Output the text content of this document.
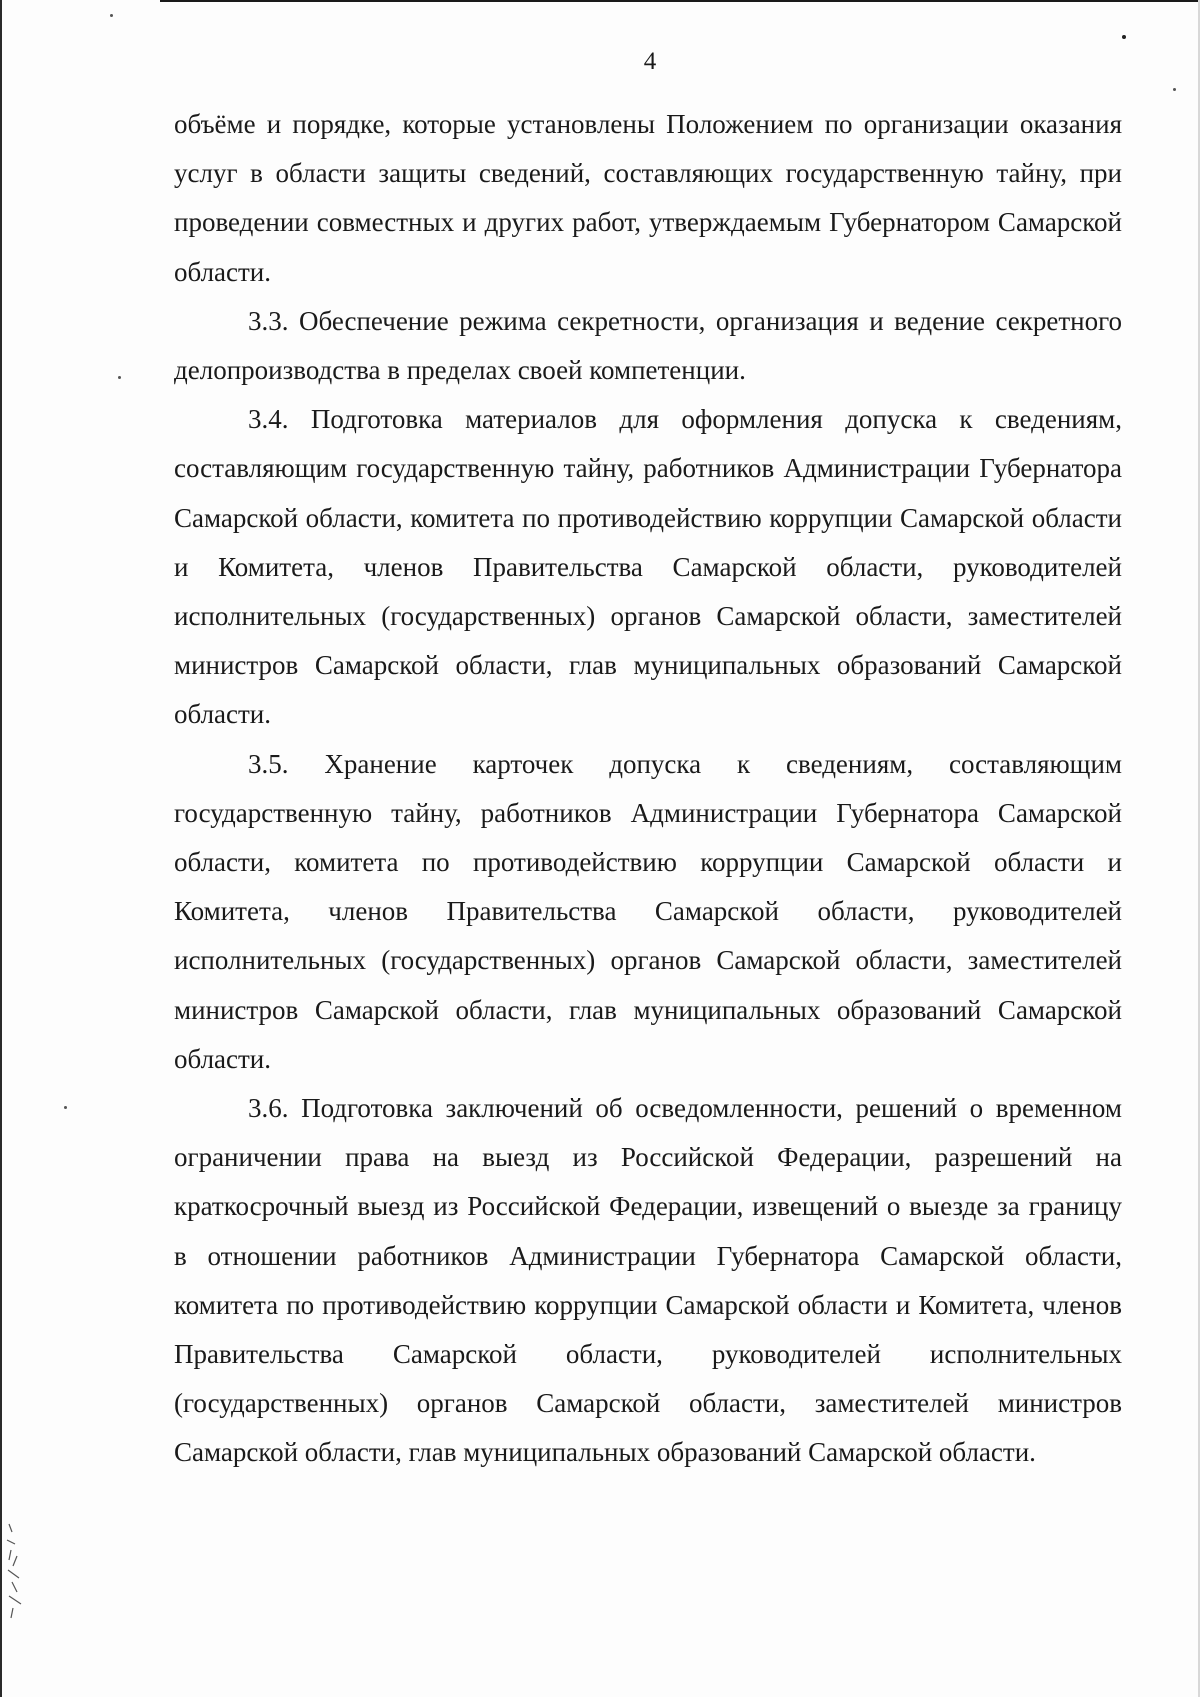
4

объёме и порядке, которые установлены Положением по организации оказания услуг в области защиты сведений, составляющих государственную тайну, при проведении совместных и других работ, утверждаемым Губернатором Самарской области.

3.3. Обеспечение режима секретности, организация и ведение секретного делопроизводства в пределах своей компетенции.

3.4. Подготовка материалов для оформления допуска к сведениям, составляющим государственную тайну, работников Администрации Губернатора Самарской области, комитета по противодействию коррупции Самарской области и Комитета, членов Правительства Самарской области, руководителей исполнительных (государственных) органов Самарской области, заместителей министров Самарской области, глав муниципальных образований Самарской области.

3.5. Хранение карточек допуска к сведениям, составляющим государственную тайну, работников Администрации Губернатора Самарской области, комитета по противодействию коррупции Самарской области и Комитета, членов Правительства Самарской области, руководителей исполнительных (государственных) органов Самарской области, заместителей министров Самарской области, глав муниципальных образований Самарской области.

3.6. Подготовка заключений об осведомленности, решений о временном ограничении права на выезд из Российской Федерации, разрешений на краткосрочный выезд из Российской Федерации, извещений о выезде за границу в отношении работников Администрации Губернатора Самарской области, комитета по противодействию коррупции Самарской области и Комитета, членов Правительства Самарской области, руководителей исполнительных (государственных) органов Самарской области, заместителей министров Самарской области, глав муниципальных образований Самарской области.
